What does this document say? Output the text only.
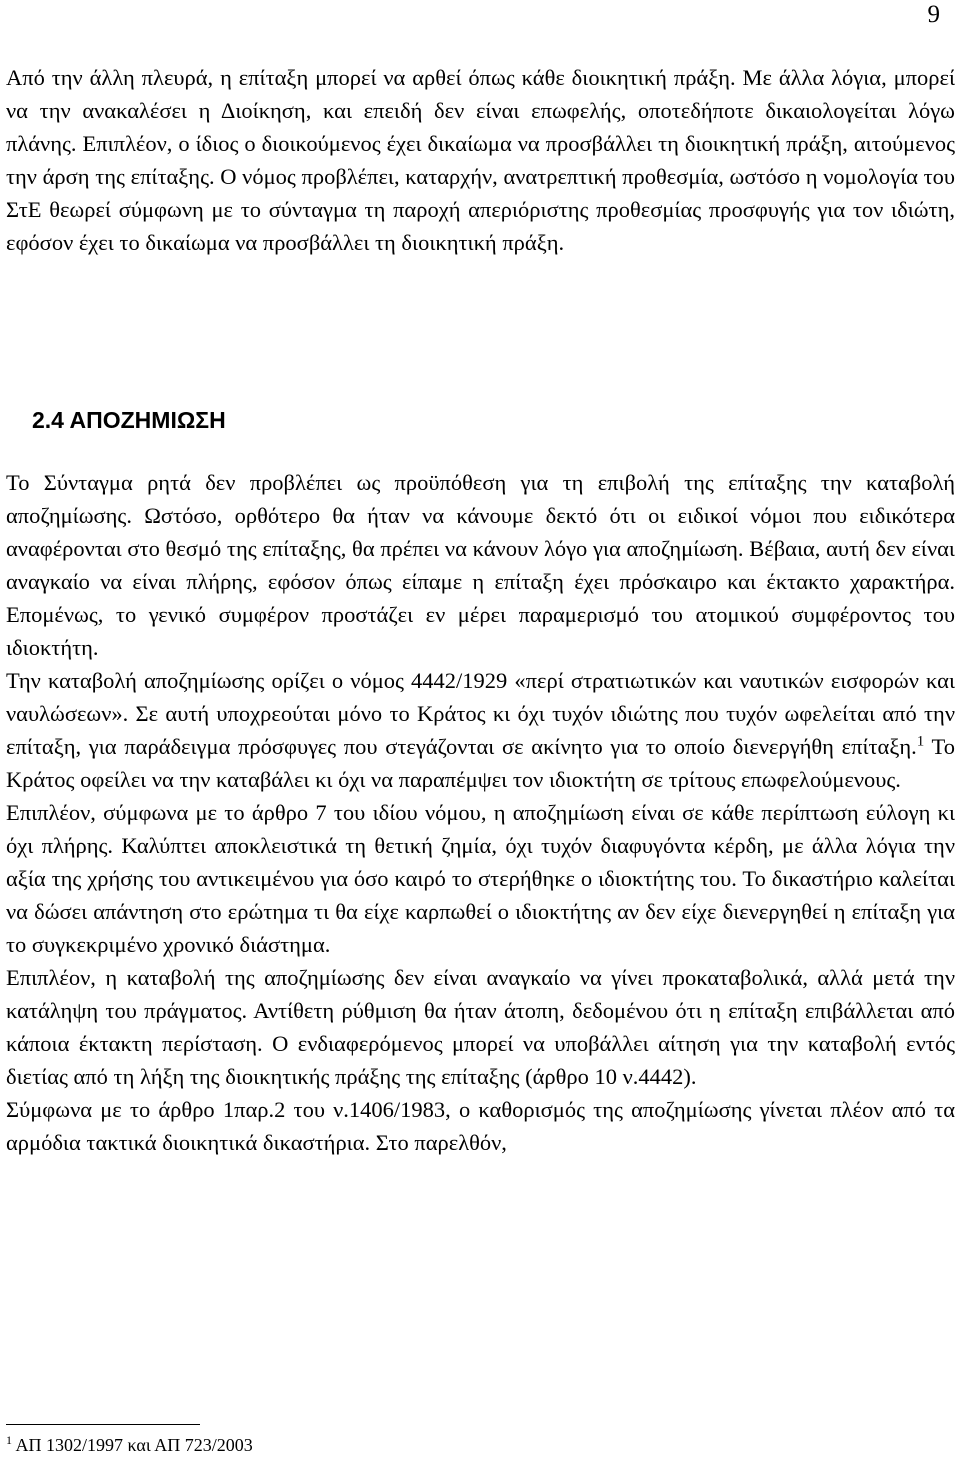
9

Από την άλλη πλευρά, η επίταξη μπορεί να αρθεί όπως κάθε διοικητική πράξη. Με άλλα λόγια, μπορεί να την ανακαλέσει η Διοίκηση, και επειδή δεν είναι επωφελής, οποτεδήποτε δικαιολογείται λόγω πλάνης. Επιπλέον, ο ίδιος ο διοικούμενος έχει δικαίωμα να προσβάλλει τη διοικητική πράξη, αιτούμενος την άρση της επίταξης. Ο νόμος προβλέπει, καταρχήν, ανατρεπτική προθεσμία, ωστόσο η νομολογία του ΣτΕ θεωρεί σύμφωνη με το σύνταγμα τη παροχή απεριόριστης προθεσμίας προσφυγής για τον ιδιώτη, εφόσον έχει το δικαίωμα να προσβάλλει τη διοικητική πράξη.

2.4 ΑΠΟΖΗΜΙΩΣΗ

Το Σύνταγμα ρητά δεν προβλέπει ως προϋπόθεση για τη επιβολή της επίταξης την καταβολή αποζημίωσης. Ωστόσο, ορθότερο θα ήταν να κάνουμε δεκτό ότι οι ειδικοί νόμοι που ειδικότερα αναφέρονται στο θεσμό της επίταξης, θα πρέπει να κάνουν λόγο για αποζημίωση. Βέβαια, αυτή δεν είναι αναγκαίο να είναι πλήρης, εφόσον όπως είπαμε η επίταξη έχει πρόσκαιρο και έκτακτο χαρακτήρα. Επομένως, το γενικό συμφέρον προστάζει εν μέρει παραμερισμό του ατομικού συμφέροντος του ιδιοκτήτη.

Την καταβολή αποζημίωσης ορίζει ο νόμος 4442/1929 «περί στρατιωτικών και ναυτικών εισφορών και ναυλώσεων». Σε αυτή υποχρεούται μόνο το Κράτος κι όχι τυχόν ιδιώτης που τυχόν ωφελείται από την επίταξη, για παράδειγμα πρόσφυγες που στεγάζονται σε ακίνητο για το οποίο διενεργήθη επίταξη.$^1$ Το Κράτος οφείλει να την καταβάλει κι όχι να παραπέμψει τον ιδιοκτήτη σε τρίτους επωφελούμενους.

Επιπλέον, σύμφωνα με το άρθρο 7 του ιδίου νόμου, η αποζημίωση είναι σε κάθε περίπτωση εύλογη κι όχι πλήρης. Καλύπτει αποκλειστικά τη θετική ζημία, όχι τυχόν διαφυγόντα κέρδη, με άλλα λόγια την αξία της χρήσης του αντικειμένου για όσο καιρό το στερήθηκε ο ιδιοκτήτης του. Το δικαστήριο καλείται να δώσει απάντηση στο ερώτημα τι θα είχε καρπωθεί ο ιδιοκτήτης αν δεν είχε διενεργηθεί η επίταξη για το συγκεκριμένο χρονικό διάστημα.

Επιπλέον, η καταβολή της αποζημίωσης δεν είναι αναγκαίο να γίνει προκαταβολικά, αλλά μετά την κατάληψη του πράγματος. Αντίθετη ρύθμιση θα ήταν άτοπη, δεδομένου ότι η επίταξη επιβάλλεται από κάποια έκτακτη περίσταση. Ο ενδιαφερόμενος μπορεί να υποβάλλει αίτηση για την καταβολή εντός διετίας από τη λήξη της διοικητικής πράξης της επίταξης (άρθρο 10 ν.4442).

Σύμφωνα με το άρθρο 1παρ.2 του ν.1406/1983, ο καθορισμός της αποζημίωσης γίνεται πλέον από τα αρμόδια τακτικά διοικητικά δικαστήρια. Στο παρελθόν,

$^1$ ΑΠ 1302/1997 και ΑΠ 723/2003
